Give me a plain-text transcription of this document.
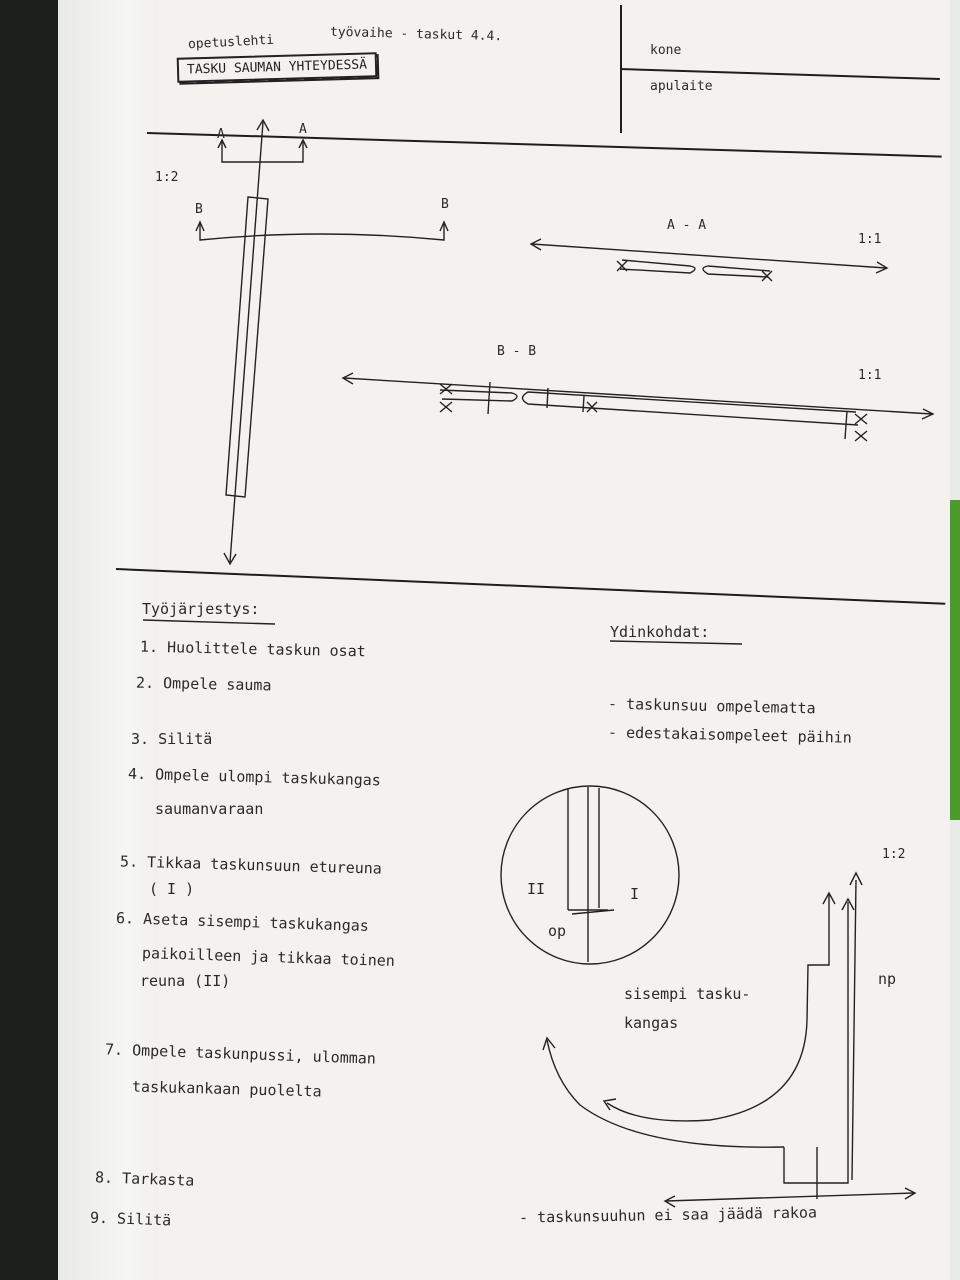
opetuslehti	työvaihe - taskut 4.4.
TASKU SAUMAN YHTEYDESSÄ
kone
apulaite
1:2
A	A
B	B
A - A
1:1
B - B
1:1
Työjärjestys:
1. Huolittele taskun osat
2. Ompele sauma
3. Silitä
4. Ompele ulompi taskukangas
saumanvaraan
5. Tikkaa taskunsuun etureuna
( I )
6. Aseta sisempi taskukangas
paikoilleen ja tikkaa toinen
reuna (II)
7. Ompele taskunpussi, ulomman
taskukankaan puolelta
8. Tarkasta
9. Silitä
Ydinkohdat:
- taskunsuu ompelematta
- edestakaisompeleet päihin
II	I
op
1:2
np
sisempi tasku-
kangas
- taskunsuuhun ei saa jäädä rakoa
